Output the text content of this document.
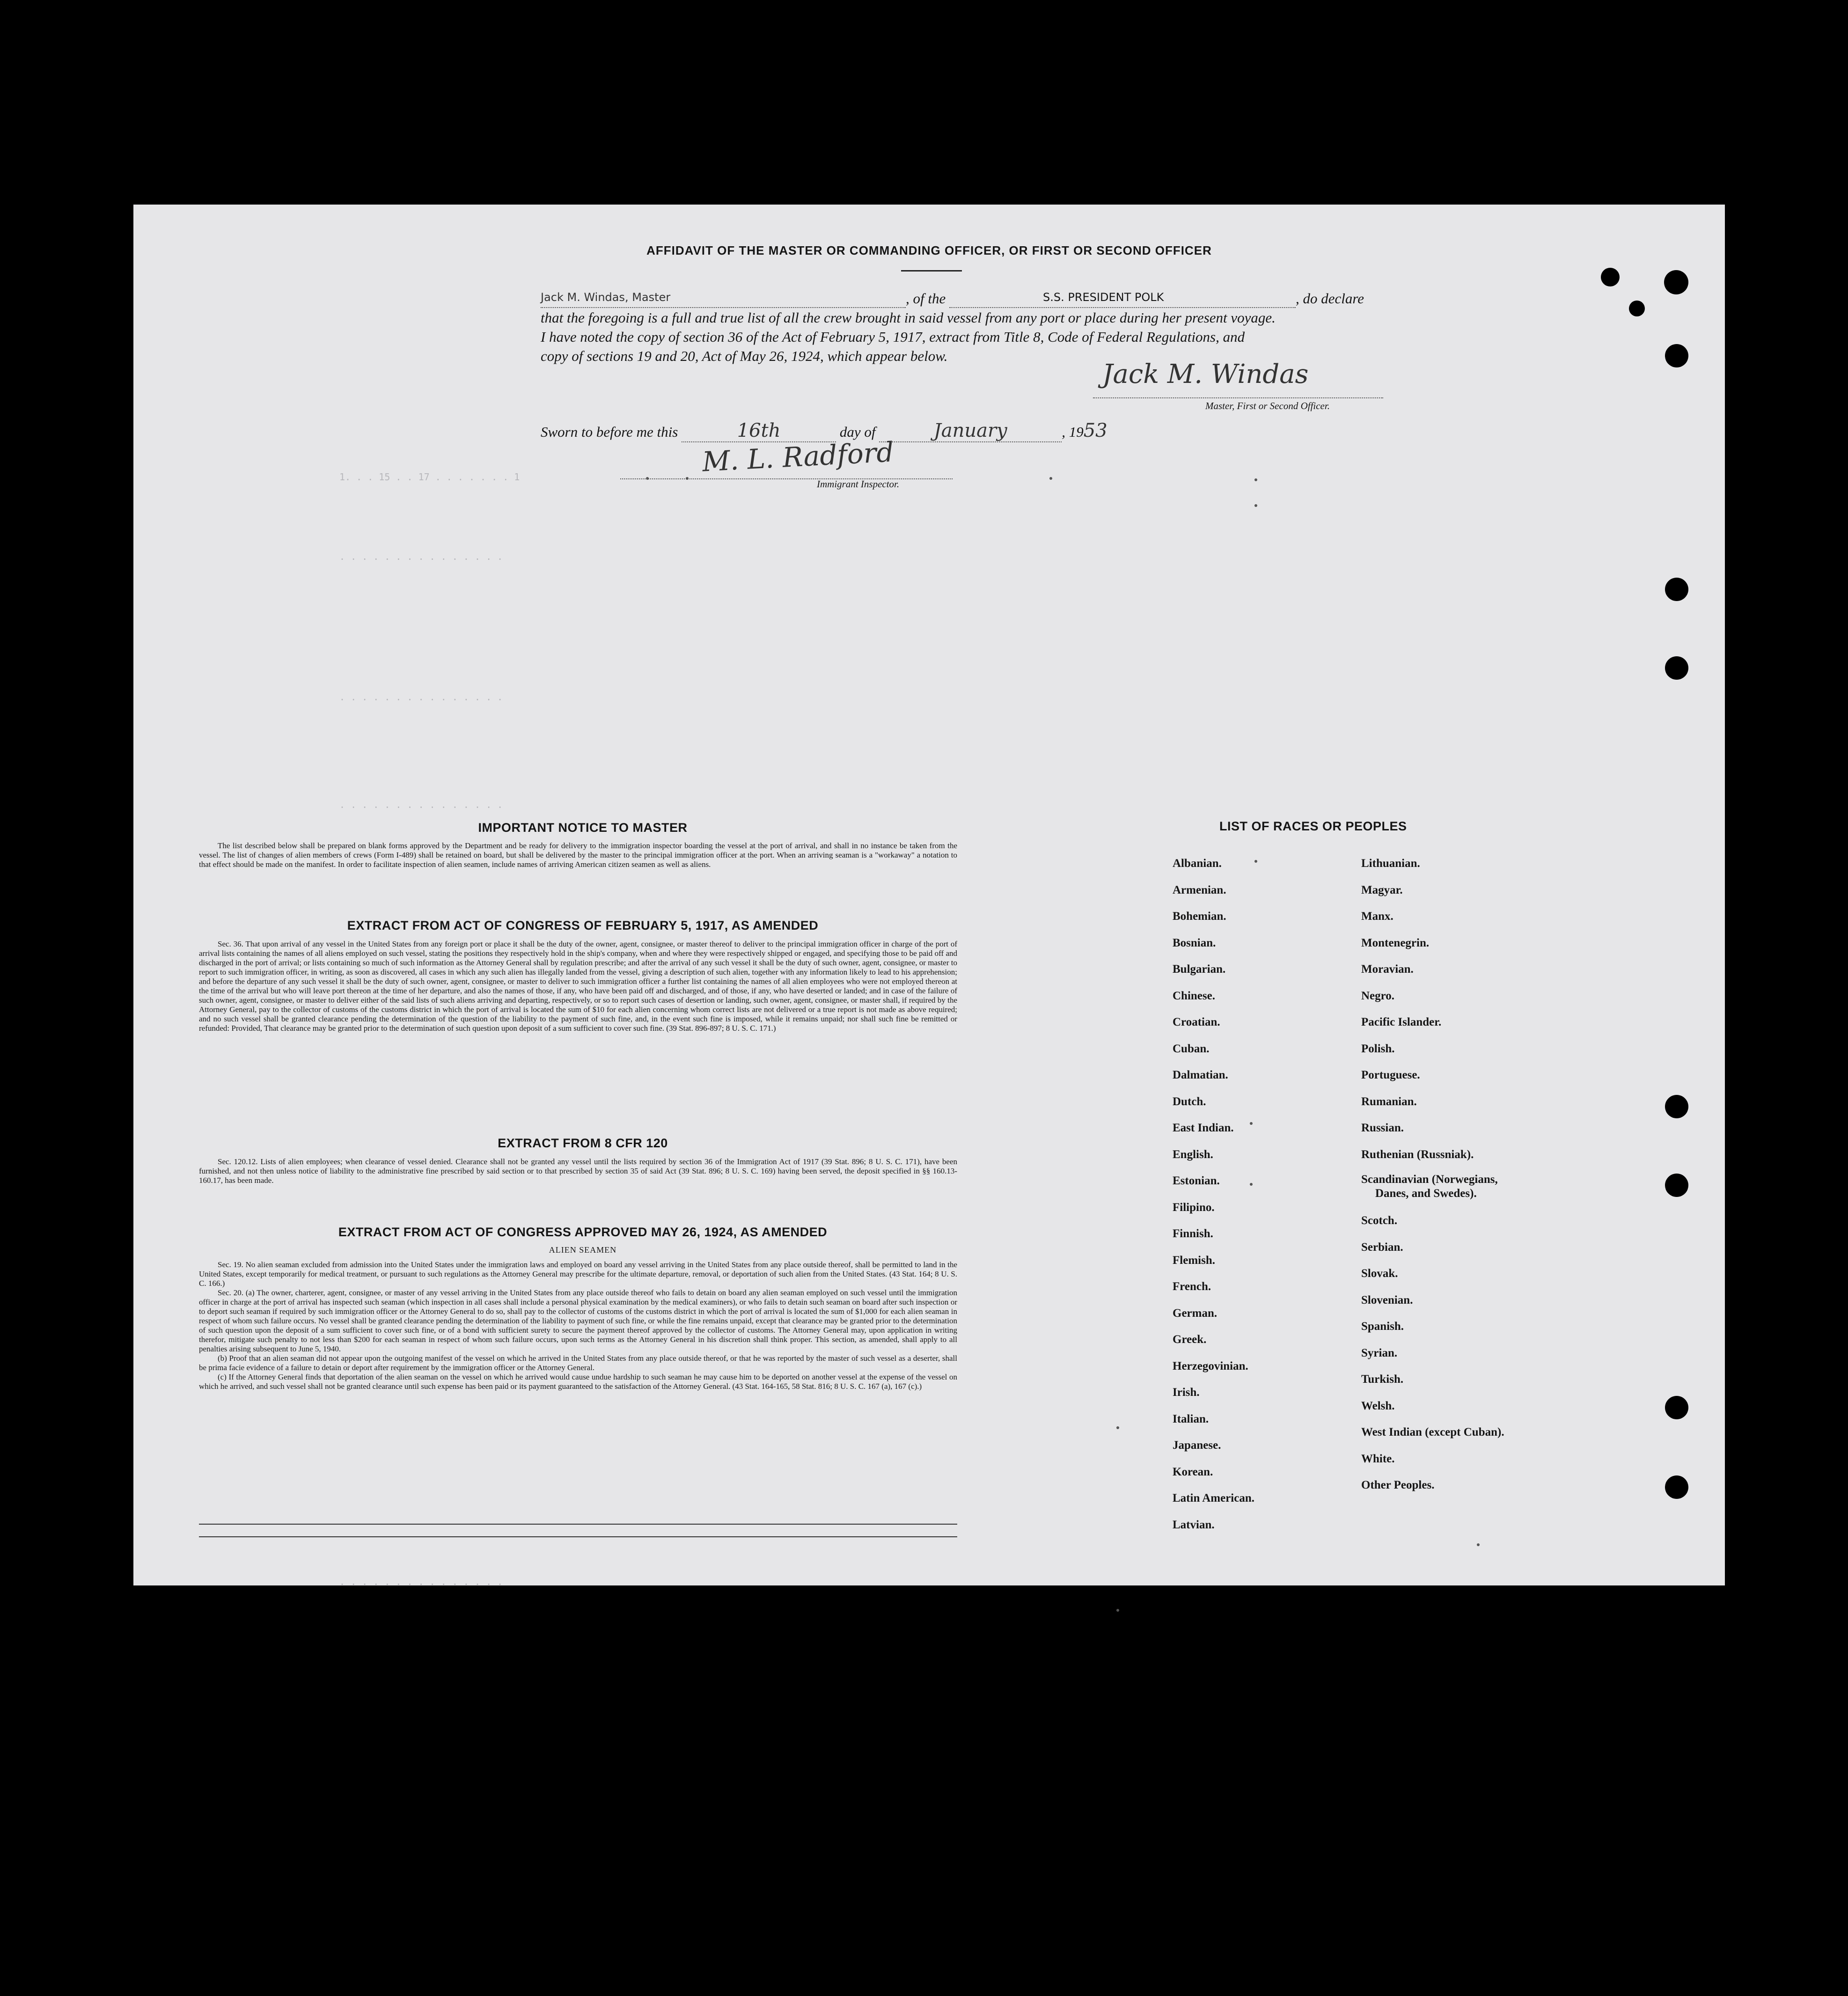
1. . . 15 . . 17 . . . . . . . 1
. . . . . . . . . . . . . . .
. . . . . . . . . . . . . . .
. . . . . . . . . . . . . . .
. . . . . . . . . . . . . . .
AFFIDAVIT OF THE MASTER OR COMMANDING OFFICER, OR FIRST OR SECOND OFFICER
Jack M. Windas, Master	, of the	S.S. PRESIDENT POLK	, do declare
that the foregoing is a full and true list of all the crew brought in said vessel from any port or place during her present voyage.
I have noted the copy of section 36 of the Act of February 5, 1917, extract from Title 8, Code of Federal Regulations, and
copy of sections 19 and 20, Act of May 26, 1924, which appear below.
Jack M. Windas
Master, First or Second Officer.
Sworn to before me this	16th	day of	January	, 1953
M. L. Radford
Immigrant Inspector.
IMPORTANT NOTICE TO MASTER

The list described below shall be prepared on blank forms approved by the Department and be ready for delivery to the immigration inspector boarding the vessel at the port of arrival, and shall in no instance be taken from the vessel. The list of changes of alien members of crews (Form I-489) shall be retained on board, but shall be delivered by the master to the principal immigration officer at the port. When an arriving seaman is a "workaway" a notation to that effect should be made on the manifest. In order to facilitate inspection of alien seamen, include names of arriving American citizen seamen as well as aliens.

EXTRACT FROM ACT OF CONGRESS OF FEBRUARY 5, 1917, AS AMENDED

Sec. 36. That upon arrival of any vessel in the United States from any foreign port or place it shall be the duty of the owner, agent, consignee, or master thereof to deliver to the principal immigration officer in charge of the port of arrival lists containing the names of all aliens employed on such vessel, stating the positions they respectively hold in the ship's company, when and where they were respectively shipped or engaged, and specifying those to be paid off and discharged in the port of arrival; or lists containing so much of such information as the Attorney General shall by regulation prescribe; and after the arrival of any such vessel it shall be the duty of such owner, agent, consignee, or master to report to such immigration officer, in writing, as soon as discovered, all cases in which any such alien has illegally landed from the vessel, giving a description of such alien, together with any information likely to lead to his apprehension; and before the departure of any such vessel it shall be the duty of such owner, agent, consignee, or master to deliver to such immigration officer a further list containing the names of all alien employees who were not employed thereon at the time of the arrival but who will leave port thereon at the time of her departure, and also the names of those, if any, who have been paid off and discharged, and of those, if any, who have deserted or landed; and in case of the failure of such owner, agent, consignee, or master to deliver either of the said lists of such aliens arriving and departing, respectively, or so to report such cases of desertion or landing, such owner, agent, consignee, or master shall, if required by the Attorney General, pay to the collector of customs of the customs district in which the port of arrival is located the sum of $10 for each alien concerning whom correct lists are not delivered or a true report is not made as above required; and no such vessel shall be granted clearance pending the determination of the question of the liability to the payment of such fine, and, in the event such fine is imposed, while it remains unpaid; nor shall such fine be remitted or refunded: Provided, That clearance may be granted prior to the determination of such question upon deposit of a sum sufficient to cover such fine. (39 Stat. 896-897; 8 U. S. C. 171.)

EXTRACT FROM 8 CFR 120

Sec. 120.12. Lists of alien employees; when clearance of vessel denied. Clearance shall not be granted any vessel until the lists required by section 36 of the Immigration Act of 1917 (39 Stat. 896; 8 U. S. C. 171), have been furnished, and not then unless notice of liability to the administrative fine prescribed by said section or to that prescribed by section 35 of said Act (39 Stat. 896; 8 U. S. C. 169) having been served, the deposit specified in §§ 160.13-160.17, has been made.

EXTRACT FROM ACT OF CONGRESS APPROVED MAY 26, 1924, AS AMENDED
ALIEN SEAMEN

Sec. 19. No alien seaman excluded from admission into the United States under the immigration laws and employed on board any vessel arriving in the United States from any place outside thereof, shall be permitted to land in the United States, except temporarily for medical treatment, or pursuant to such regulations as the Attorney General may prescribe for the ultimate departure, removal, or deportation of such alien from the United States. (43 Stat. 164; 8 U. S. C. 166.)

Sec. 20. (a) The owner, charterer, agent, consignee, or master of any vessel arriving in the United States from any place outside thereof who fails to detain on board any alien seaman employed on such vessel until the immigration officer in charge at the port of arrival has inspected such seaman (which inspection in all cases shall include a personal physical examination by the medical examiners), or who fails to detain such seaman on board after such inspection or to deport such seaman if required by such immigration officer or the Attorney General to do so, shall pay to the collector of customs of the customs district in which the port of arrival is located the sum of $1,000 for each alien seaman in respect of whom such failure occurs. No vessel shall be granted clearance pending the determination of the liability to payment of such fine, or while the fine remains unpaid, except that clearance may be granted prior to the determination of such question upon the deposit of a sum sufficient to cover such fine, or of a bond with sufficient surety to secure the payment thereof approved by the collector of customs. The Attorney General may, upon application in writing therefor, mitigate such penalty to not less than $200 for each seaman in respect of whom such failure occurs, upon such terms as the Attorney General in his discretion shall think proper. This section, as amended, shall apply to all penalties arising subsequent to June 5, 1940.

(b) Proof that an alien seaman did not appear upon the outgoing manifest of the vessel on which he arrived in the United States from any place outside thereof, or that he was reported by the master of such vessel as a deserter, shall be prima facie evidence of a failure to detain or deport after requirement by the immigration officer or the Attorney General.

(c) If the Attorney General finds that deportation of the alien seaman on the vessel on which he arrived would cause undue hardship to such seaman he may cause him to be deported on another vessel at the expense of the vessel on which he arrived, and such vessel shall not be granted clearance until such expense has been paid or its payment guaranteed to the satisfaction of the Attorney General. (43 Stat. 164-165, 58 Stat. 816; 8 U. S. C. 167 (a), 167 (c).)

LIST OF RACES OR PEOPLES
Albanian.
Armenian.
Bohemian.
Bosnian.
Bulgarian.
Chinese.
Croatian.
Cuban.
Dalmatian.
Dutch.
East Indian.
English.
Estonian.
Filipino.
Finnish.
Flemish.
French.
German.
Greek.
Herzegovinian.
Irish.
Italian.
Japanese.
Korean.
Latin American.
Latvian.
Lithuanian.
Magyar.
Manx.
Montenegrin.
Moravian.
Negro.
Pacific Islander.
Polish.
Portuguese.
Rumanian.
Russian.
Ruthenian (Russniak).
Scandinavian (Norwegians,
Danes, and Swedes).
Scotch.
Serbian.
Slovak.
Slovenian.
Spanish.
Syrian.
Turkish.
Welsh.
West Indian (except Cuban).
White.
Other Peoples.
